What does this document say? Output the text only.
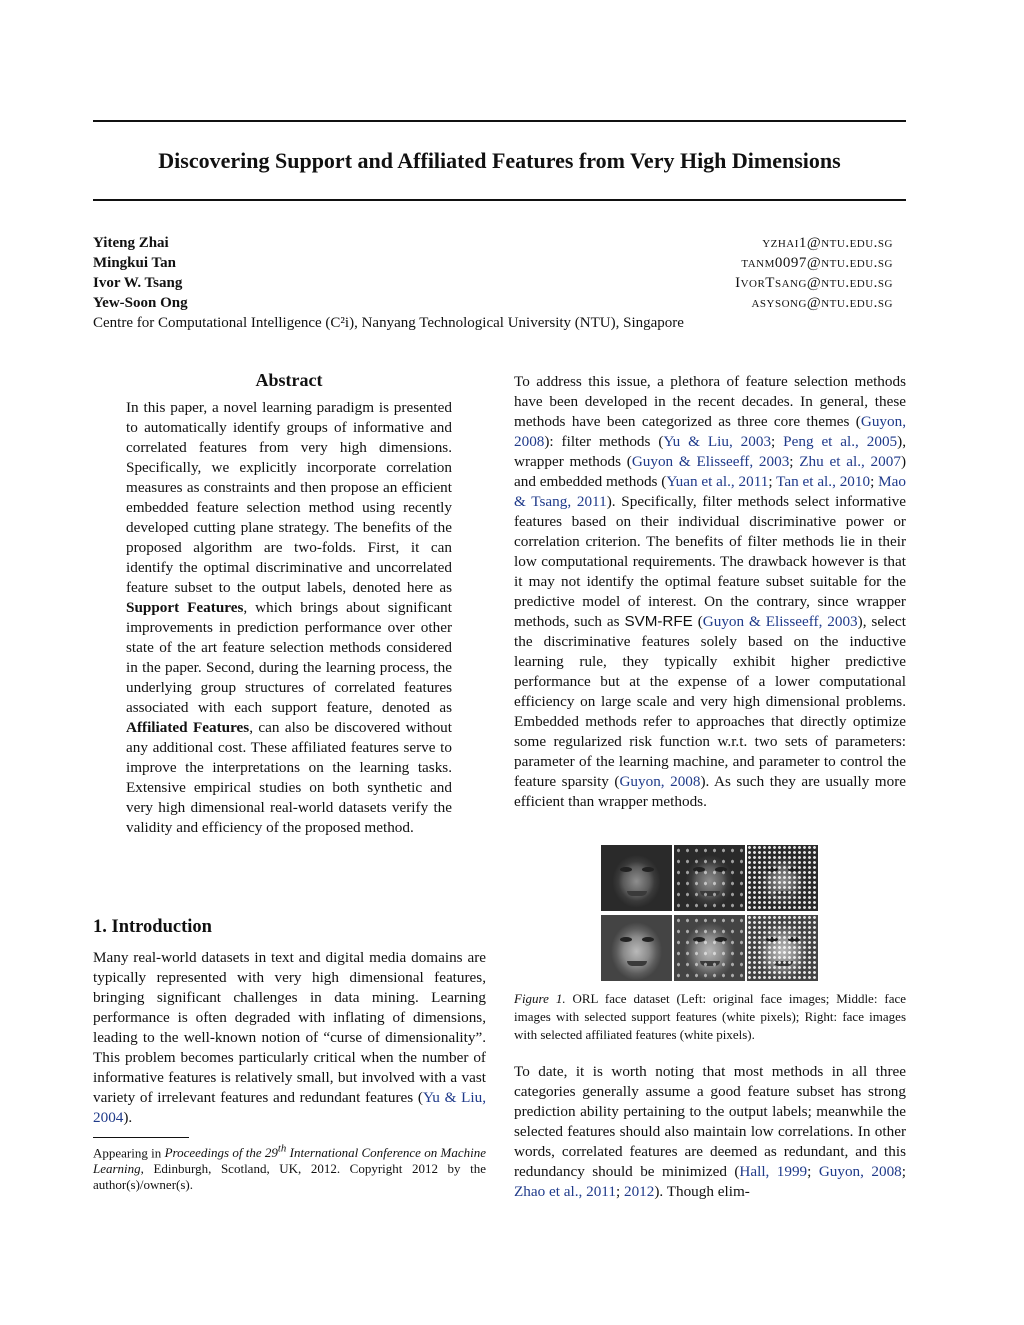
Discovering Support and Affiliated Features from Very High Dimensions
Yiteng Zhai	yzhai1@ntu.edu.sg
Mingkui Tan	tanm0097@ntu.edu.sg
Ivor W. Tsang	IvorTsang@ntu.edu.sg
Yew-Soon Ong	asysong@ntu.edu.sg
Centre for Computational Intelligence (C²i), Nanyang Technological University (NTU), Singapore
Abstract

In this paper, a novel learning paradigm is presented to automatically identify groups of informative and correlated features from very high dimensions. Specifically, we explicitly incorporate correlation measures as constraints and then propose an efficient embedded feature selection method using recently developed cutting plane strategy. The benefits of the proposed algorithm are two-folds. First, it can identify the optimal discriminative and uncorrelated feature subset to the output labels, denoted here as Support Features, which brings about significant improvements in prediction performance over other state of the art feature selection methods considered in the paper. Second, during the learning process, the underlying group structures of correlated features associated with each support feature, denoted as Affiliated Features, can also be discovered without any additional cost. These affiliated features serve to improve the interpretations on the learning tasks. Extensive empirical studies on both synthetic and very high dimensional real-world datasets verify the validity and efficiency of the proposed method.

1. Introduction

Many real-world datasets in text and digital media domains are typically represented with very high dimensional features, bringing significant challenges in data mining. Learning performance is often degraded with inflating of dimensions, leading to the well-known notion of “curse of dimensionality”. This problem becomes particularly critical when the number of informative features is relatively small, but involved with a vast variety of irrelevant features and redundant features (Yu & Liu, 2004).

Appearing in Proceedings of the 29th International Conference on Machine Learning, Edinburgh, Scotland, UK, 2012. Copyright 2012 by the author(s)/owner(s).

To address this issue, a plethora of feature selection methods have been developed in the recent decades. In general, these methods have been categorized as three core themes (Guyon, 2008): filter methods (Yu & Liu, 2003; Peng et al., 2005), wrapper methods (Guyon & Elisseeff, 2003; Zhu et al., 2007) and embedded methods (Yuan et al., 2011; Tan et al., 2010; Mao & Tsang, 2011). Specifically, filter methods select informative features based on their individual discriminative power or correlation criterion. The benefits of filter methods lie in their low computational requirements. The drawback however is that it may not identify the optimal feature subset suitable for the predictive model of interest. On the contrary, since wrapper methods, such as SVM-RFE (Guyon & Elisseeff, 2003), select the discriminative features solely based on the inductive learning rule, they typically exhibit higher predictive performance but at the expense of a lower computational efficiency on large scale and very high dimensional problems. Embedded methods refer to approaches that directly optimize some regularized risk function w.r.t. two sets of parameters: parameter of the learning machine, and parameter to control the feature sparsity (Guyon, 2008). As such they are usually more efficient than wrapper methods.

Figure 1. ORL face dataset (Left: original face images; Middle: face images with selected support features (white pixels); Right: face images with selected affiliated features (white pixels).

To date, it is worth noting that most methods in all three categories generally assume a good feature subset has strong prediction ability pertaining to the output labels; meanwhile the selected features should also maintain low correlations. In other words, correlated features are deemed as redundant, and this redundancy should be minimized (Hall, 1999; Guyon, 2008; Zhao et al., 2011; 2012). Though elim-
